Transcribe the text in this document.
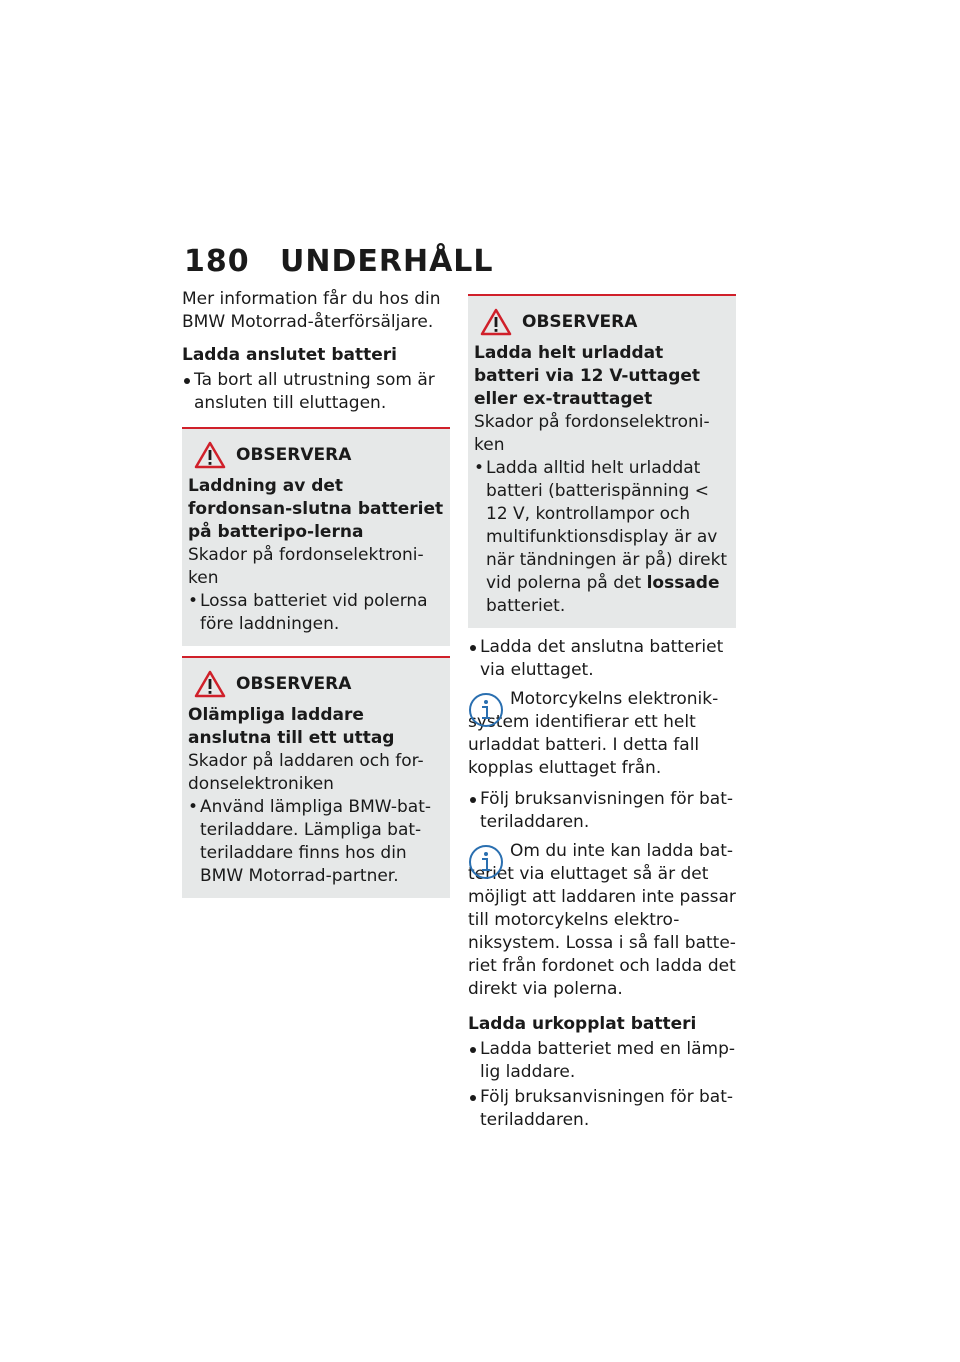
180 UNDERHÅLL

Mer information får du hos din BMW Motorrad-återförsäljare.

Ladda anslutet batteri
Ta bort all utrustning som är ansluten till eluttagen.
OBSERVERA
Laddning av det fordonsan-slutna batteriet på batteripo-lerna

Skador på fordonselektroni-ken

• Lossa batteriet vid polerna före laddningen.
OBSERVERA
Olämpliga laddare anslutna till ett uttag

Skador på laddaren och for-donselektroniken

• Använd lämpliga BMW-bat-teriladdare. Lämpliga bat-teriladdare finns hos din BMW Motorrad-partner.
OBSERVERA
Ladda helt urladdat batteri via 12 V-uttaget eller ex-trauttaget

Skador på fordonselektroni-ken

• Ladda alltid helt urladdat batteri (batterispänning < 12 V, kontrollampor och multifunktionsdisplay är av när tändningen är på) direkt vid polerna på det lossade batteriet.
Ladda det anslutna batteriet via eluttaget.

Motorcykelns elektronik-system identifierar ett helt urladdat batteri. I detta fall kopplas eluttaget från.

Följ bruksanvisningen för bat-teriladdaren.

Om du inte kan ladda bat-teriet via eluttaget så är det möjligt att laddaren inte passar till motorcykelns elektro-niksystem. Lossa i så fall batte-riet från fordonet och ladda det direkt via polerna.

Ladda urkopplat batteri
Ladda batteriet med en lämp-lig laddare.
Följ bruksanvisningen för bat-teriladdaren.
